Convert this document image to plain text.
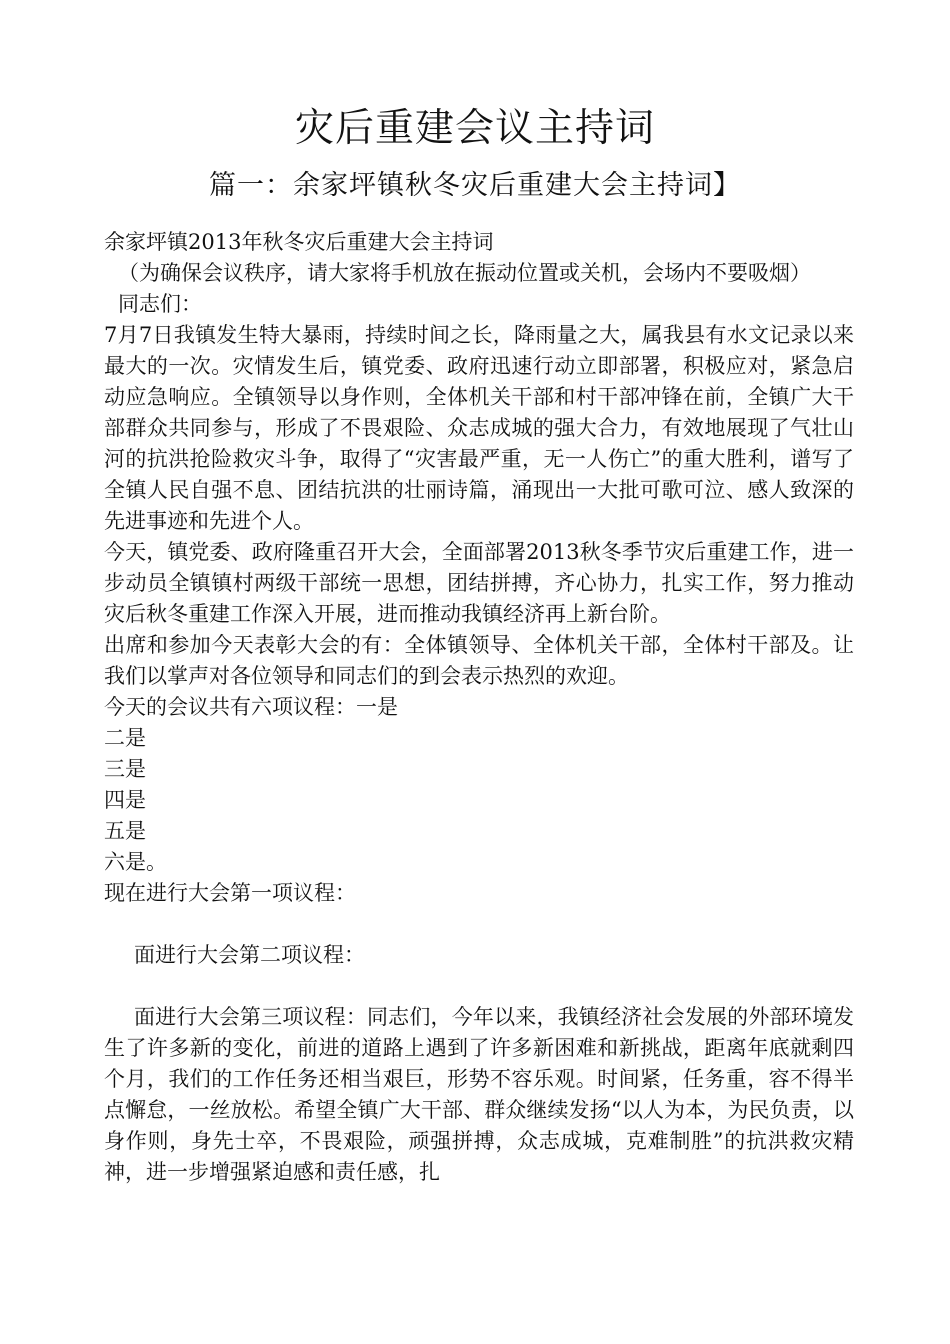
灾后重建会议主持词
篇一：余家坪镇秋冬灾后重建大会主持词】

余家坪镇2013年秋冬灾后重建大会主持词

（为确保会议秩序，请大家将手机放在振动位置或关机，会场内不要吸烟）

同志们：

7月7日我镇发生特大暴雨，持续时间之长，降雨量之大，属我县有水文记录以来最大的一次。灾情发生后，镇党委、政府迅速行动立即部署，积极应对，紧急启动应急响应。全镇领导以身作则，全体机关干部和村干部冲锋在前，全镇广大干部群众共同参与，形成了不畏艰险、众志成城的强大合力，有效地展现了气壮山河的抗洪抢险救灾斗争，取得了“灾害最严重，无一人伤亡”的重大胜利，谱写了全镇人民自强不息、团结抗洪的壮丽诗篇，涌现出一大批可歌可泣、感人致深的先进事迹和先进个人。

今天，镇党委、政府隆重召开大会，全面部署2013秋冬季节灾后重建工作，进一步动员全镇镇村两级干部统一思想，团结拼搏，齐心协力，扎实工作，努力推动灾后秋冬重建工作深入开展，进而推动我镇经济再上新台阶。

出席和参加今天表彰大会的有：全体镇领导、全体机关干部，全体村干部及。让我们以掌声对各位领导和同志们的到会表示热烈的欢迎。

今天的会议共有六项议程：一是

二是

三是

四是

五是

六是。

现在进行大会第一项议程：

面进行大会第二项议程：

面进行大会第三项议程：同志们，今年以来，我镇经济社会发展的外部环境发生了许多新的变化，前进的道路上遇到了许多新困难和新挑战，距离年底就剩四个月，我们的工作任务还相当艰巨，形势不容乐观。时间紧，任务重，容不得半点懈怠，一丝放松。希望全镇广大干部、群众继续发扬“以人为本，为民负责，以身作则，身先士卒，不畏艰险，顽强拼搏，众志成城，克难制胜”的抗洪救灾精神，进一步增强紧迫感和责任感，扎
